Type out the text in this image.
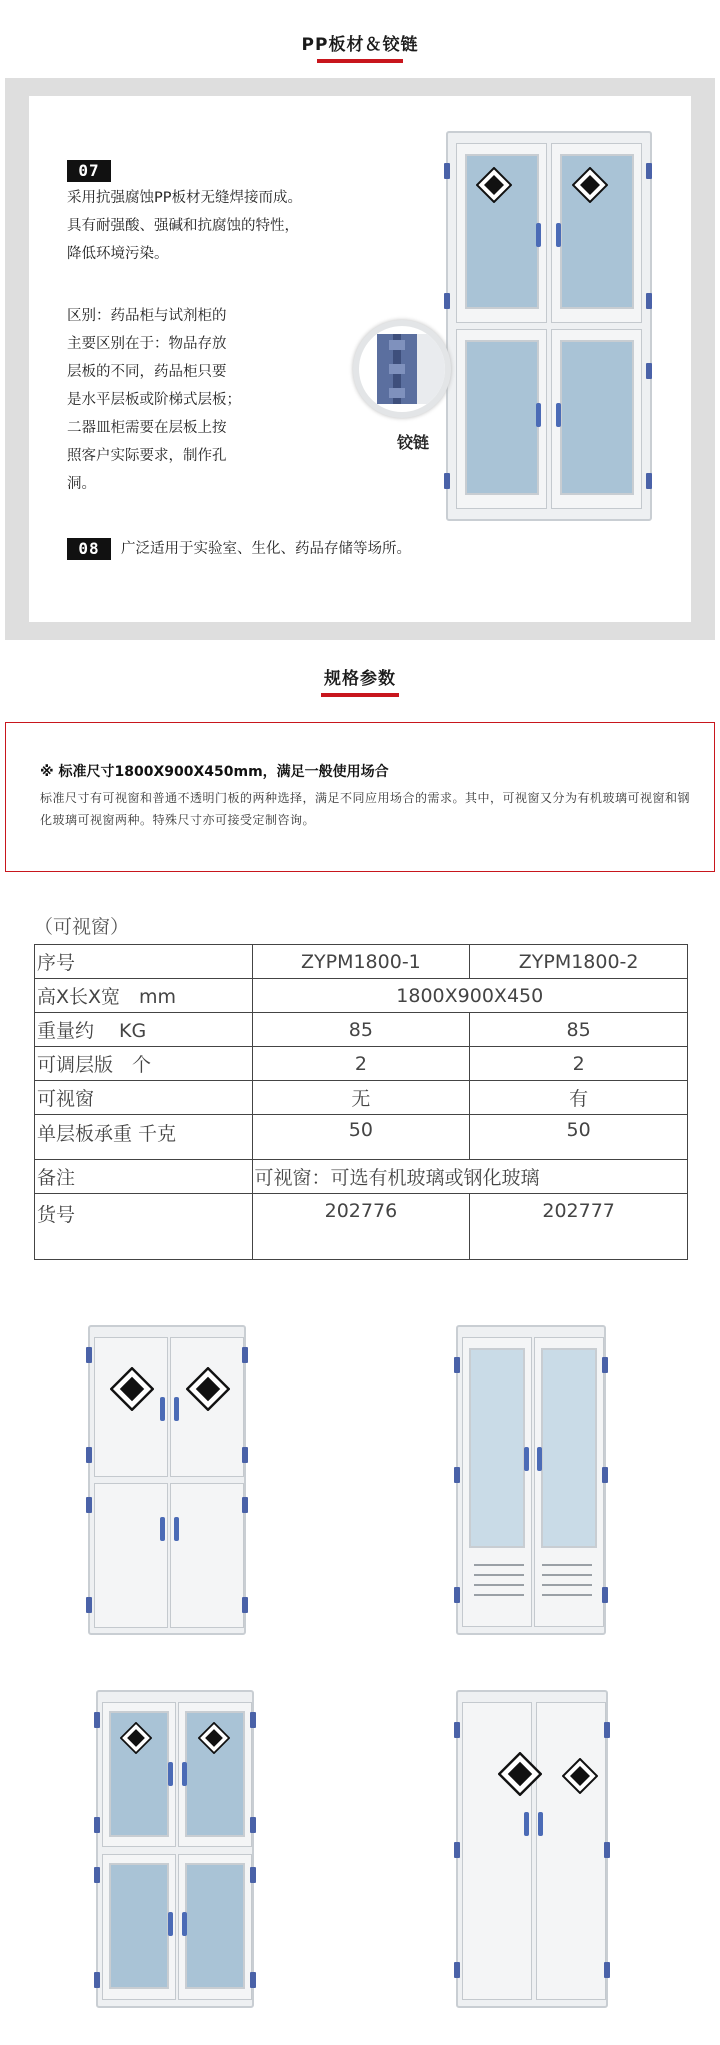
PP板材＆铰链
07
采用抗强腐蚀PP板材无缝焊接而成。
具有耐强酸、强碱和抗腐蚀的特性，
降低环境污染。
区别：药品柜与试剂柜的
主要区别在于：物品存放
层板的不同，药品柜只要
是水平层板或阶梯式层板；
二器皿柜需要在层板上按
照客户实际要求，制作孔
洞。
铰链
08	广泛适用于实验室、生化、药品存储等场所。
规格参数
※ 标准尺寸1800X900X450mm，满足一般使用场合
标准尺寸有可视窗和普通不透明门板的两种选择，满足不同应用场合的需求。其中，可视窗又分为有机玻璃可视窗和钢化玻璃可视窗两种。特殊尺寸亦可接受定制咨询。
（可视窗）
序号	ZYPM1800-1	ZYPM1800-2
高X长X宽　mm	1800X900X450	
重量约　 KG	85	85
可调层版　个	2	2
可视窗	无	有
单层板承重 千克	50	50
备注	可视窗：可选有机玻璃或钢化玻璃	
货号	202776	202777
